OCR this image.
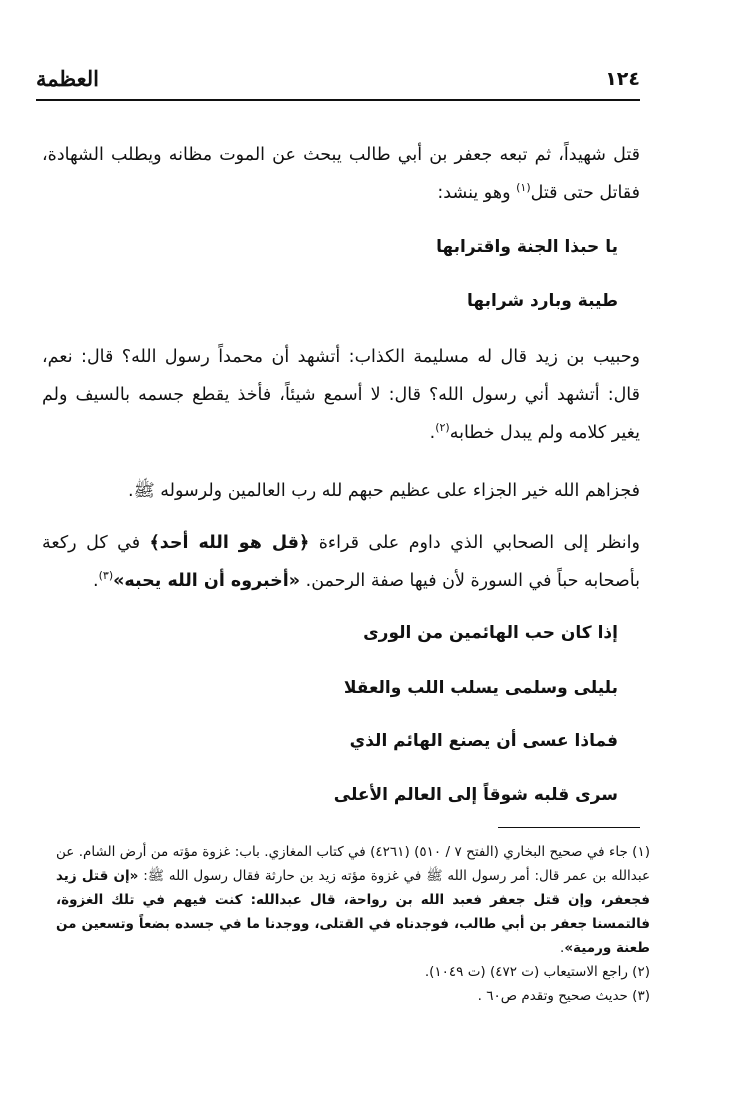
العظمة	١٢٤

قتل شهيداً، ثم تبعه جعفر بن أبي طالب يبحث عن الموت مظانه ويطلب الشهادة، فقاتل حتى قتل$^{(١)}$ وهو ينشد:

يا حبذا الجنة واقترابها
طيبة وبارد شرابها

وحبيب بن زيد قال له مسليمة الكذاب: أتشهد أن محمداً رسول الله؟ قال: نعم، قال: أتشهد أني رسول الله؟ قال: لا أسمع شيئاً، فأخذ يقطع جسمه بالسيف ولم يغير كلامه ولم يبدل خطابه$^{(٢)}$.

فجزاهم الله خير الجزاء على عظيم حبهم لله رب العالمين ولرسوله ﷺ.

وانظر إلى الصحابي الذي داوم على قراءة ﴿قل هو الله أحد﴾ في كل ركعة بأصحابه حباً في السورة لأن فيها صفة الرحمن. «أخبروه أن الله يحبه»$^{(٣)}$.

إذا كان حب الهائمين من الورى
بليلى وسلمى يسلب اللب والعقلا
فماذا عسى أن يصنع الهائم الذي
سرى قلبه شوقاً إلى العالم الأعلى

(١) جاء في صحيح البخاري (الفتح ٧ / ٥١٠) (٤٢٦١) في كتاب المغازي. باب: غزوة مؤته من أرض الشام. عن عبدالله بن عمر قال: أمر رسول الله ﷺ في غزوة مؤته زيد بن حارثة فقال رسول الله ﷺ: «إن قتل زيد فجعفر، وإن قتل جعفر فعبد الله بن رواحة، قال عبدالله: كنت فيهم في تلك الغزوة، فالتمسنا جعفر بن أبي طالب، فوجدناه في القتلى، ووجدنا ما في جسده بضعاً وتسعين من طعنة ورمية».

(٢) راجع الاستيعاب (ت ٤٧٢) (ت ١٠٤٩).

(٣) حديث صحيح وتقدم ص٦٠ .
